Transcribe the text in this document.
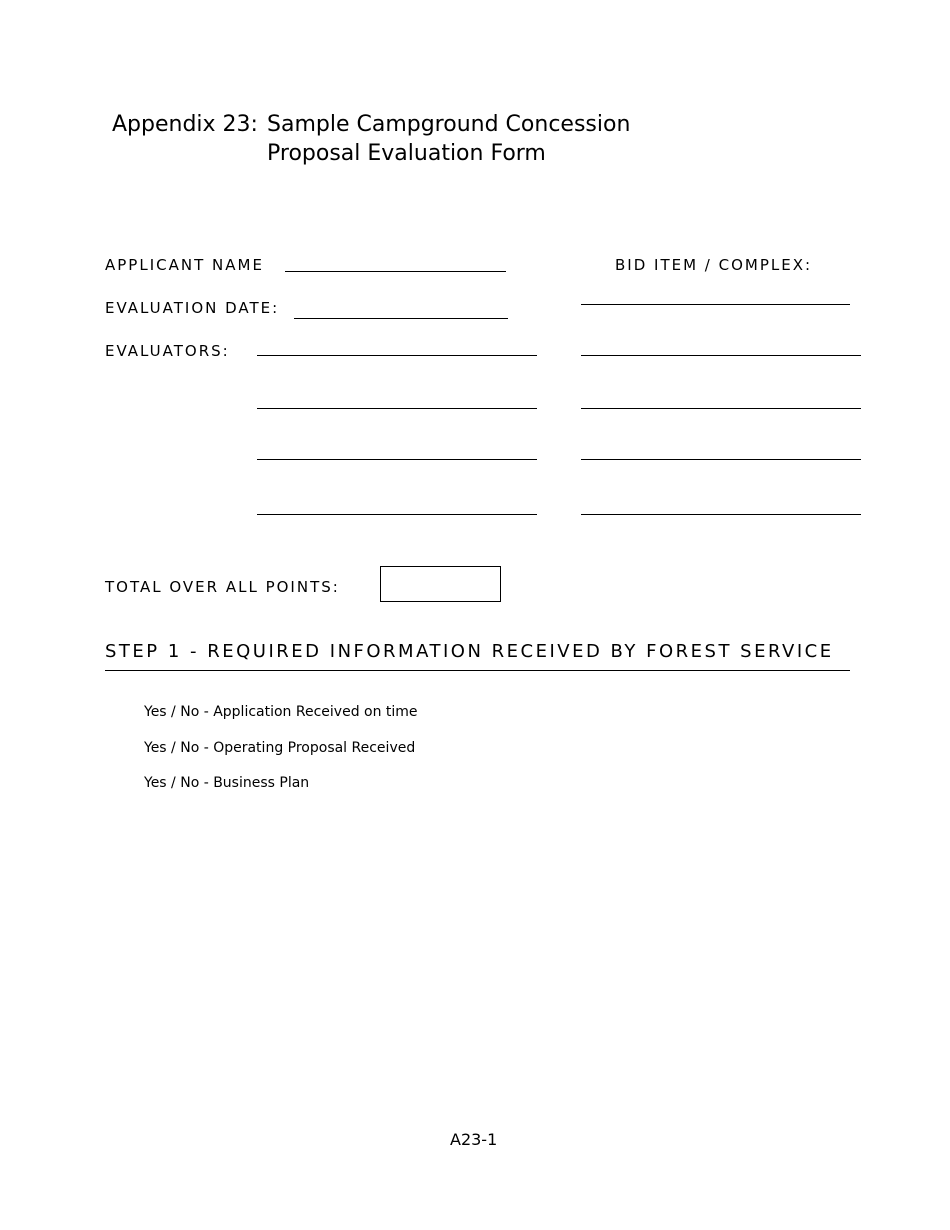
Appendix 23: Sample Campground Concession
Proposal Evaluation Form
APPLICANT NAME	BID ITEM / COMPLEX:
EVALUATION DATE:
EVALUATORS:
TOTAL OVER ALL POINTS:
STEP 1 - REQUIRED INFORMATION RECEIVED BY FOREST SERVICE
Yes / No - Application Received on time
Yes / No - Operating Proposal Received
Yes / No - Business Plan
A23-1
